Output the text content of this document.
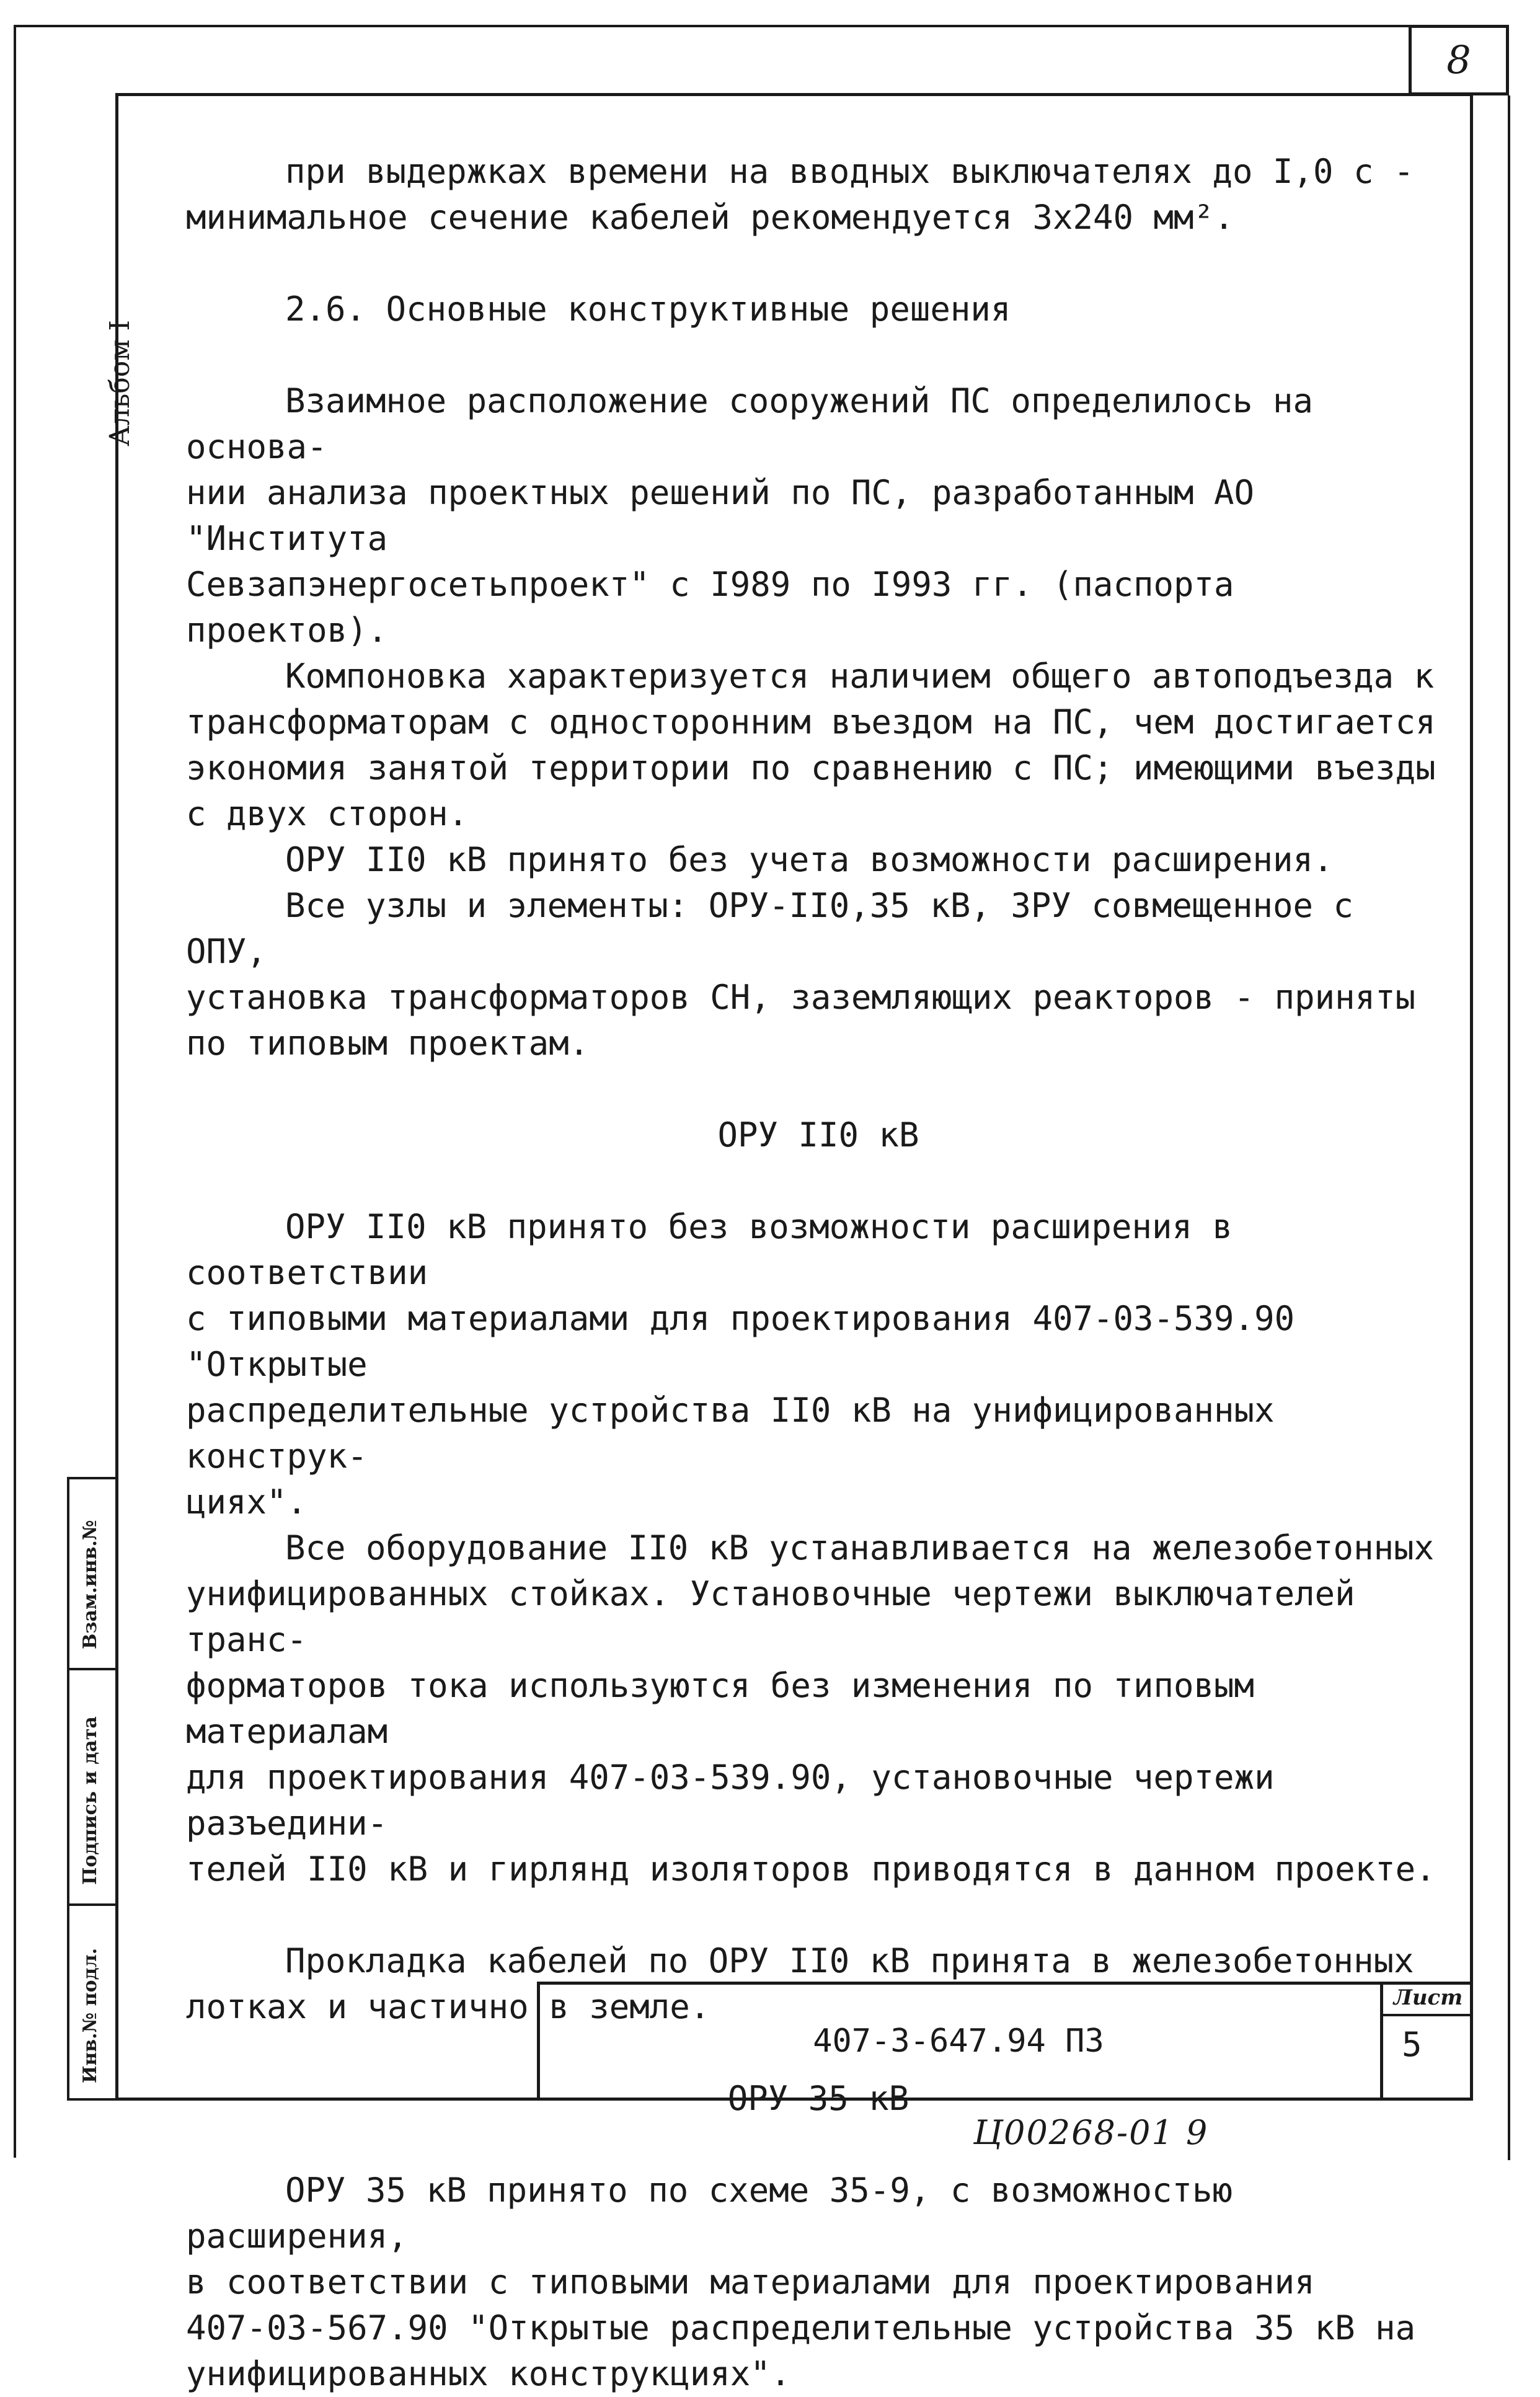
8
Альбом I
Взам.инв.№
Подпись и дата
Инв.№ подл.

при выдержках времени на вводных выключателях до I,0 с -

минимальное сечение кабелей рекомендуется 3х240 мм².

2.6. Основные конструктивные решения

Взаимное расположение сооружений ПС определилось на основа-

нии анализа проектных решений по ПС, разработанным АО "Института

Севзапэнергосетьпроект" с I989 по I993 гг. (паспорта проектов).

Компоновка характеризуется наличием общего автоподъезда к

трансформаторам с односторонним въездом на ПС, чем достигается

экономия занятой территории по сравнению с ПС; имеющими въезды

с двух сторон.

ОРУ II0 кВ принято без учета возможности расширения.

Все узлы и элементы: ОРУ-II0,35 кВ, ЗРУ совмещенное с ОПУ,

установка трансформаторов СН, заземляющих реакторов - приняты

по типовым проектам.

ОРУ II0 кВ

ОРУ II0 кВ принято без возможности расширения в соответствии

с типовыми материалами для проектирования 407-03-539.90 "Открытые

распределительные устройства II0 кВ на унифицированных конструк-

циях".

Все оборудование II0 кВ устанавливается на железобетонных

унифицированных стойках. Установочные чертежи выключателей транс-

форматоров тока используются без изменения по типовым материалам

для проектирования 407-03-539.90, установочные чертежи разъедини-

телей II0 кВ и гирлянд изоляторов приводятся в данном проекте.

Прокладка кабелей по ОРУ II0 кВ принята в железобетонных

лотках и частично в земле.

ОРУ 35 кВ

ОРУ 35 кВ принято по схеме 35-9, с возможностью расширения,

в соответствии с типовыми материалами для проектирования

407-03-567.90 "Открытые распределительные устройства 35 кВ на

унифицированных конструкциях".

407-3-647.94 ПЗ
Лист
5
Ц00268-01 9
